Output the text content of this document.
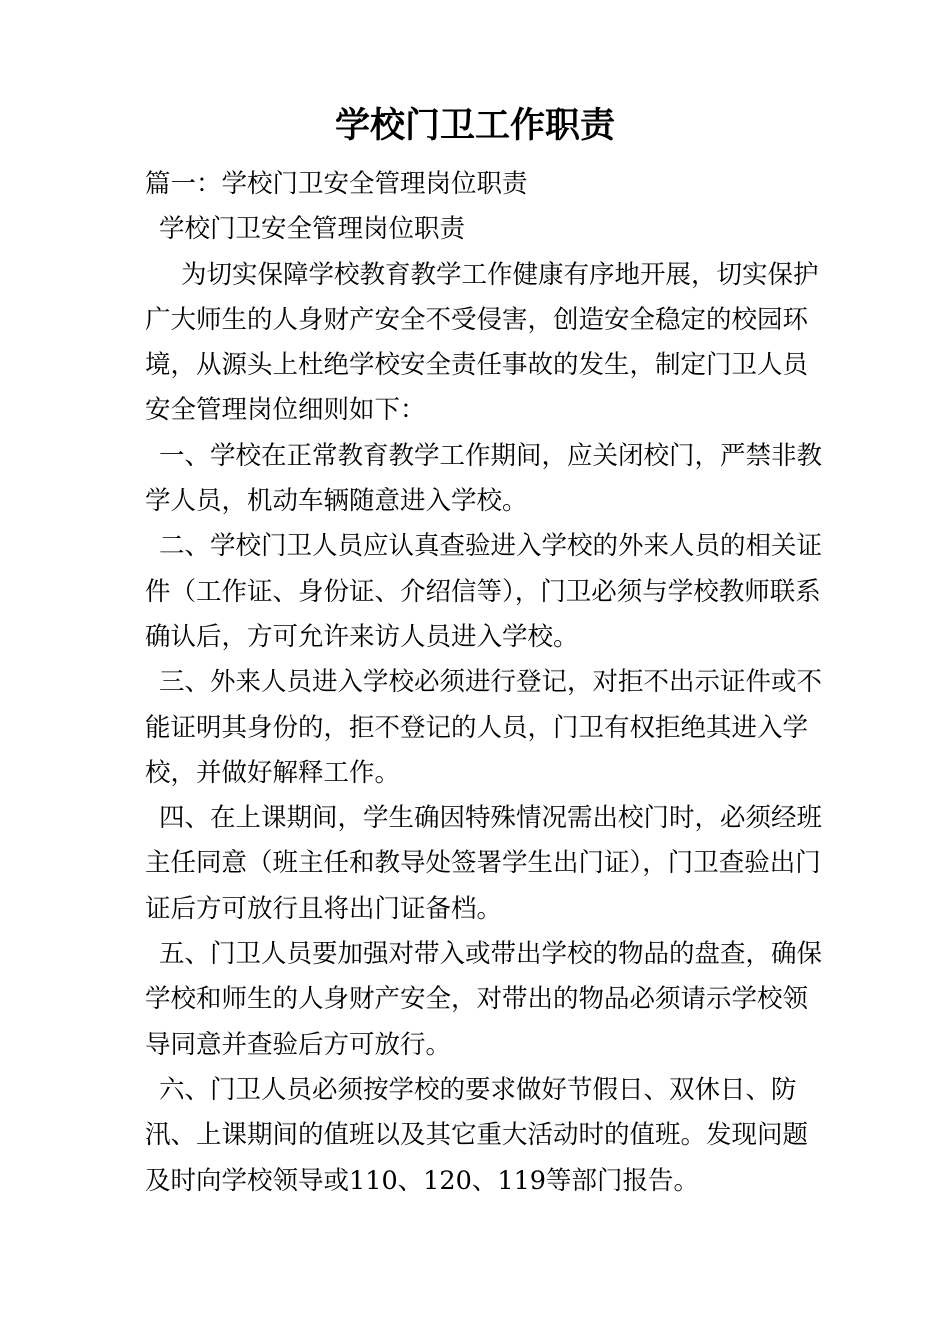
学校门卫工作职责

篇一：学校门卫安全管理岗位职责

学校门卫安全管理岗位职责

为切实保障学校教育教学工作健康有序地开展，切实保护广大师生的人身财产安全不受侵害，创造安全稳定的校园环境，从源头上杜绝学校安全责任事故的发生，制定门卫人员安全管理岗位细则如下：

一、学校在正常教育教学工作期间，应关闭校门，严禁非教学人员，机动车辆随意进入学校。

二、学校门卫人员应认真查验进入学校的外来人员的相关证件（工作证、身份证、介绍信等），门卫必须与学校教师联系确认后，方可允许来访人员进入学校。

三、外来人员进入学校必须进行登记，对拒不出示证件或不能证明其身份的，拒不登记的人员，门卫有权拒绝其进入学校，并做好解释工作。

四、在上课期间，学生确因特殊情况需出校门时，必须经班主任同意（班主任和教导处签署学生出门证），门卫查验出门证后方可放行且将出门证备档。

五、门卫人员要加强对带入或带出学校的物品的盘查，确保学校和师生的人身财产安全，对带出的物品必须请示学校领导同意并查验后方可放行。

六、门卫人员必须按学校的要求做好节假日、双休日、防汛、上课期间的值班以及其它重大活动时的值班。发现问题及时向学校领导或110、120、119等部门报告。
